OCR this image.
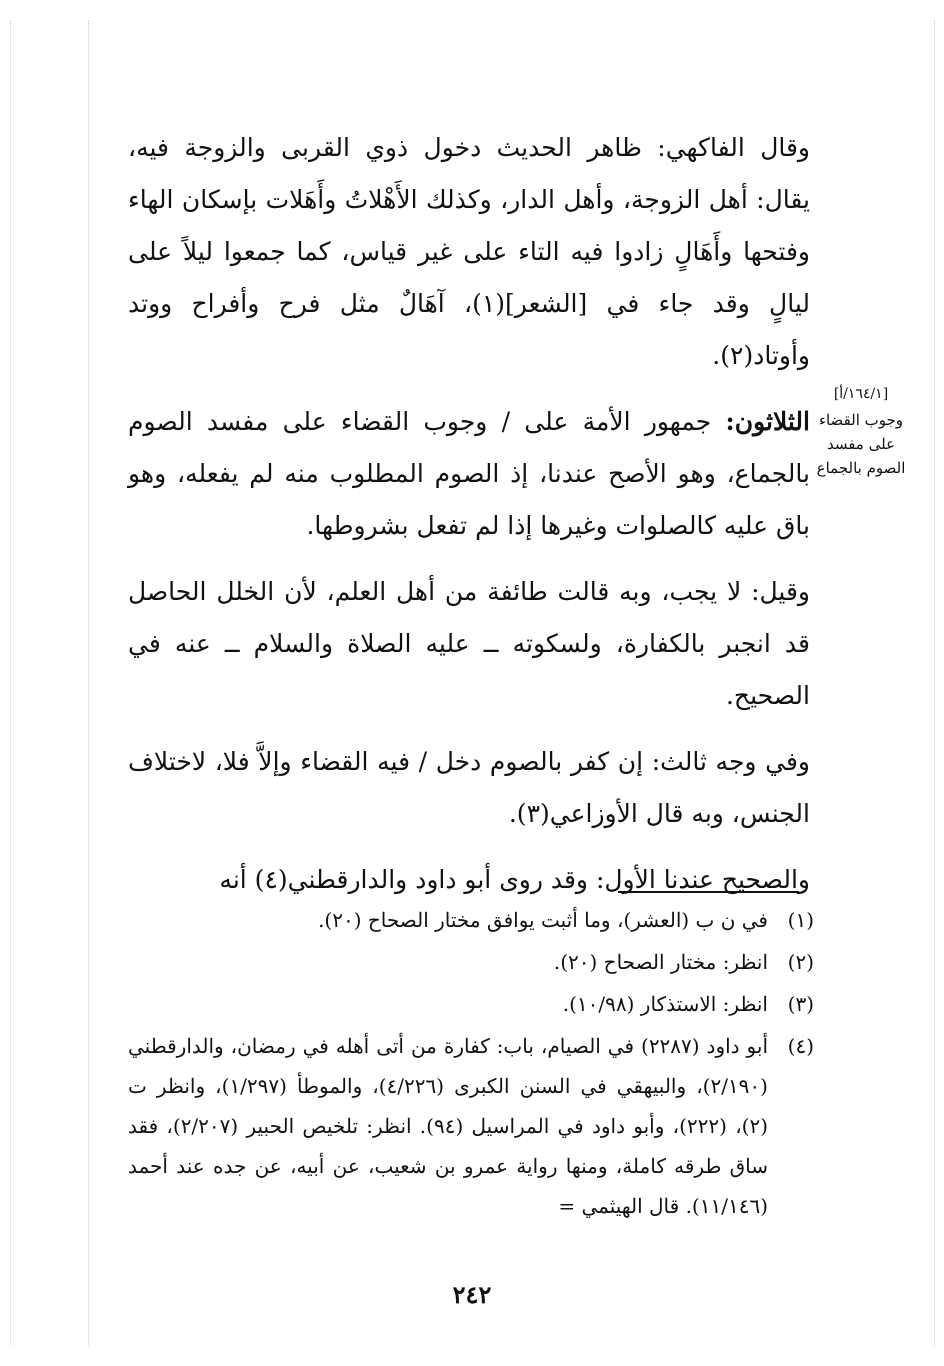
وقال الفاكهي: ظاهر الحديث دخول ذوي القربى والزوجة فيه، يقال: أهل الزوجة، وأهل الدار، وكذلك الأَهْلاتُ وأَهَلات بإسكان الهاء وفتحها وأَهَالٍ زادوا فيه التاء على غير قياس، كما جمعوا ليلاً على ليالٍ وقد جاء في [الشعر](١)، آهَالٌ مثل فرح وأفراح ووتد وأوتاد(٢).

الثلاثون: جمهور الأمة على / وجوب القضاء على مفسد الصوم بالجماع، وهو الأصح عندنا، إذ الصوم المطلوب منه لم يفعله، وهو باق عليه كالصلوات وغيرها إذا لم تفعل بشروطها.

وقيل: لا يجب، وبه قالت طائفة من أهل العلم، لأن الخلل الحاصل قد انجبر بالكفارة، ولسكوته ــ عليه الصلاة والسلام ــ عنه في الصحيح.

وفي وجه ثالث: إن كفر بالصوم دخل / فيه القضاء وإلاَّ فلا، لاختلاف الجنس، وبه قال الأوزاعي(٣).

والصحيح عندنا الأول: وقد روى أبو داود والدارقطني(٤) أنه

[١٦٤/١/أ]
وجوب القضاء على مفسد الصوم بالجماع
(١)
في ن ب (العشر)، وما أثبت يوافق مختار الصحاح (٢٠).
(٢)
انظر: مختار الصحاح (٢٠).
(٣)
انظر: الاستذكار (١٠/٩٨).
(٤)
أبو داود (٢٢٨٧) في الصيام، باب: كفارة من أتى أهله في رمضان، والدارقطني (٢/١٩٠)، والبيهقي في السنن الكبرى (٤/٢٢٦)، والموطأ (١/٢٩٧)، وانظر ت (٢)، (٢٢٢)، وأبو داود في المراسيل (٩٤). انظر: تلخيص الحبير (٢/٢٠٧)، فقد ساق طرقه كاملة، ومنها رواية عمرو بن شعيب، عن أبيه، عن جده عند أحمد (١١/١٤٦). قال الهيثمي =
٢٤٢
